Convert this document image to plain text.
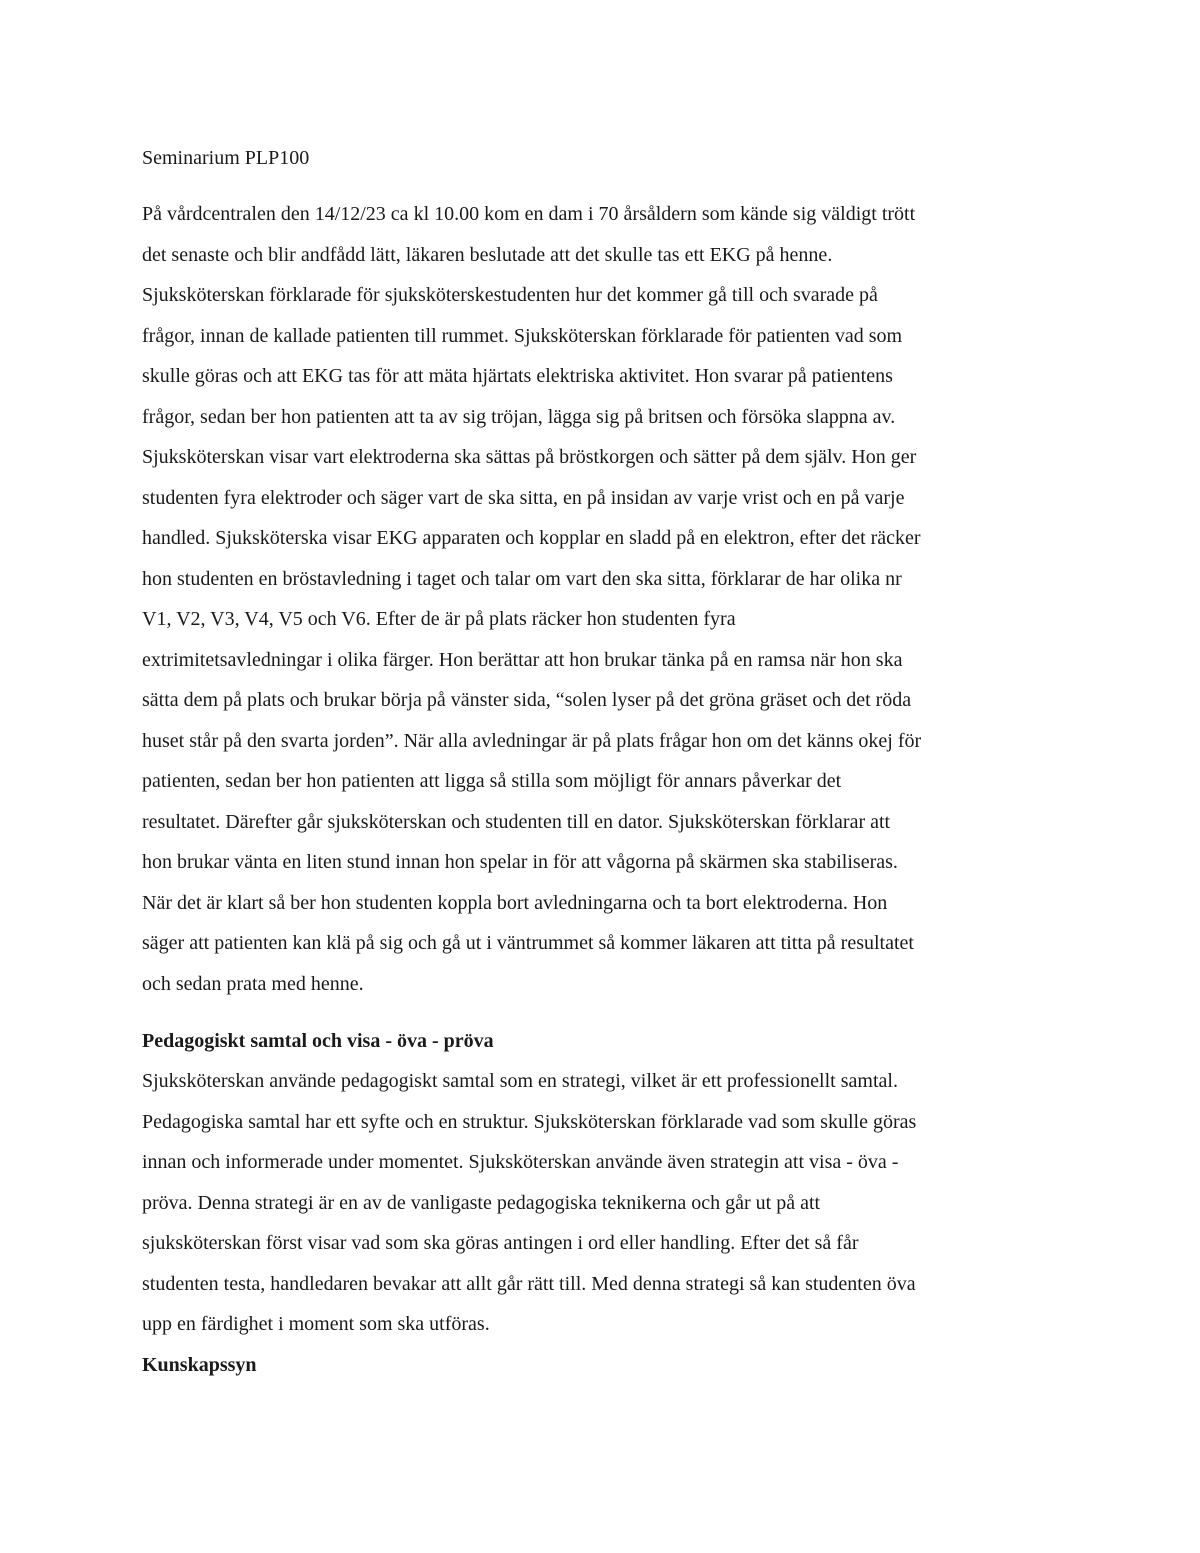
Seminarium PLP100
På vårdcentralen den 14/12/23 ca kl 10.00 kom en dam i 70 årsåldern som kände sig väldigt trött
det senaste och blir andfådd lätt, läkaren beslutade att det skulle tas ett EKG på henne.
Sjuksköterskan förklarade för sjuksköterskestudenten hur det kommer gå till och svarade på
frågor, innan de kallade patienten till rummet. Sjuksköterskan förklarade för patienten vad som
skulle göras och att EKG tas för att mäta hjärtats elektriska aktivitet. Hon svarar på patientens
frågor, sedan ber hon patienten att ta av sig tröjan, lägga sig på britsen och försöka slappna av.
Sjuksköterskan visar vart elektroderna ska sättas på bröstkorgen och sätter på dem själv. Hon ger
studenten fyra elektroder och säger vart de ska sitta, en på insidan av varje vrist och en på varje
handled. Sjuksköterska visar EKG apparaten och kopplar en sladd på en elektron, efter det räcker
hon studenten en bröstavledning i taget och talar om vart den ska sitta, förklarar de har olika nr
V1, V2, V3, V4, V5 och V6. Efter de är på plats räcker hon studenten fyra
extrimitetsavledningar i olika färger. Hon berättar att hon brukar tänka på en ramsa när hon ska
sätta dem på plats och brukar börja på vänster sida, “solen lyser på det gröna gräset och det röda
huset står på den svarta jorden”. När alla avledningar är på plats frågar hon om det känns okej för
patienten, sedan ber hon patienten att ligga så stilla som möjligt för annars påverkar det
resultatet. Därefter går sjuksköterskan och studenten till en dator. Sjuksköterskan förklarar att
hon brukar vänta en liten stund innan hon spelar in för att vågorna på skärmen ska stabiliseras.
När det är klart så ber hon studenten koppla bort avledningarna och ta bort elektroderna. Hon
säger att patienten kan klä på sig och gå ut i väntrummet så kommer läkaren att titta på resultatet
och sedan prata med henne.
Pedagogiskt samtal och visa - öva - pröva
Sjuksköterskan använde pedagogiskt samtal som en strategi, vilket är ett professionellt samtal.
Pedagogiska samtal har ett syfte och en struktur. Sjuksköterskan förklarade vad som skulle göras
innan och informerade under momentet. Sjuksköterskan använde även strategin att visa - öva -
pröva. Denna strategi är en av de vanligaste pedagogiska teknikerna och går ut på att
sjuksköterskan först visar vad som ska göras antingen i ord eller handling. Efter det så får
studenten testa, handledaren bevakar att allt går rätt till. Med denna strategi så kan studenten öva
upp en färdighet i moment som ska utföras.
Kunskapssyn
